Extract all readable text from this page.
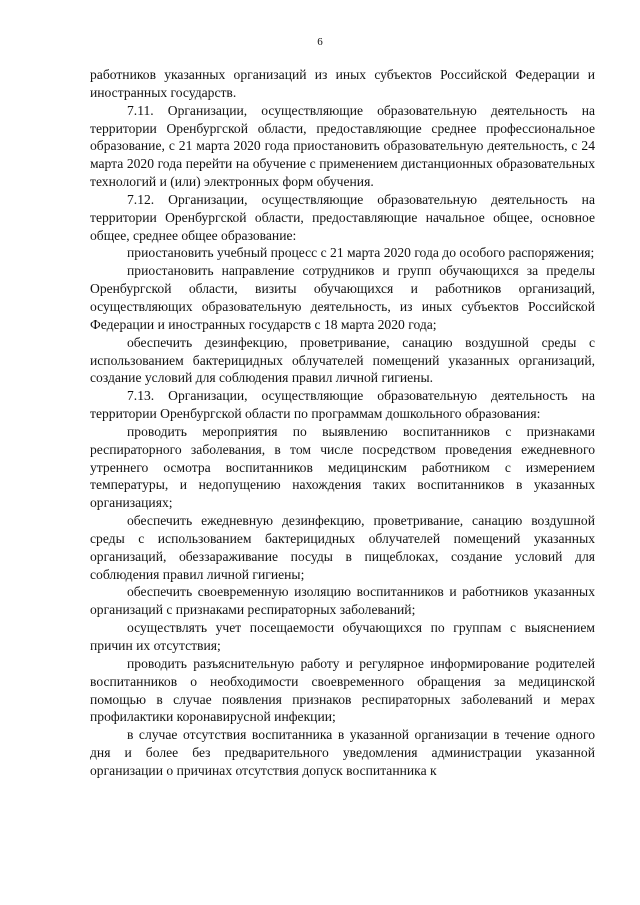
6

работников указанных организаций из иных субъектов Российской Федерации и иностранных государств.

7.11. Организации, осуществляющие образовательную деятельность на территории Оренбургской области, предоставляющие среднее профессиональное образование, с 21 марта 2020 года приостановить образовательную деятельность, с 24 марта 2020 года перейти на обучение с применением дистанционных образовательных технологий и (или) электронных форм обучения.

7.12. Организации, осуществляющие образовательную деятельность на территории Оренбургской области, предоставляющие начальное общее, основное общее, среднее общее образование:

приостановить учебный процесс с 21 марта 2020 года до особого распоряжения;

приостановить направление сотрудников и групп обучающихся за пределы Оренбургской области, визиты обучающихся и работников организаций, осуществляющих образовательную деятельность, из иных субъектов Российской Федерации и иностранных государств с 18 марта 2020 года;

обеспечить дезинфекцию, проветривание, санацию воздушной среды с использованием бактерицидных облучателей помещений указанных организаций, создание условий для соблюдения правил личной гигиены.

7.13. Организации, осуществляющие образовательную деятельность на территории Оренбургской области по программам дошкольного образования:

проводить мероприятия по выявлению воспитанников с признаками респираторного заболевания, в том числе посредством проведения ежедневного утреннего осмотра воспитанников медицинским работником с измерением температуры, и недопущению нахождения таких воспитанников в указанных организациях;

обеспечить ежедневную дезинфекцию, проветривание, санацию воздушной среды с использованием бактерицидных облучателей помещений указанных организаций, обеззараживание посуды в пищеблоках, создание условий для соблюдения правил личной гигиены;

обеспечить своевременную изоляцию воспитанников и работников указанных организаций с признаками респираторных заболеваний;

осуществлять учет посещаемости обучающихся по группам с выяснением причин их отсутствия;

проводить разъяснительную работу и регулярное информирование родителей воспитанников о необходимости своевременного обращения за медицинской помощью в случае появления признаков респираторных заболеваний и мерах профилактики коронавирусной инфекции;

в случае отсутствия воспитанника в указанной организации в течение одного дня и более без предварительного уведомления администрации указанной организации о причинах отсутствия допуск воспитанника к
